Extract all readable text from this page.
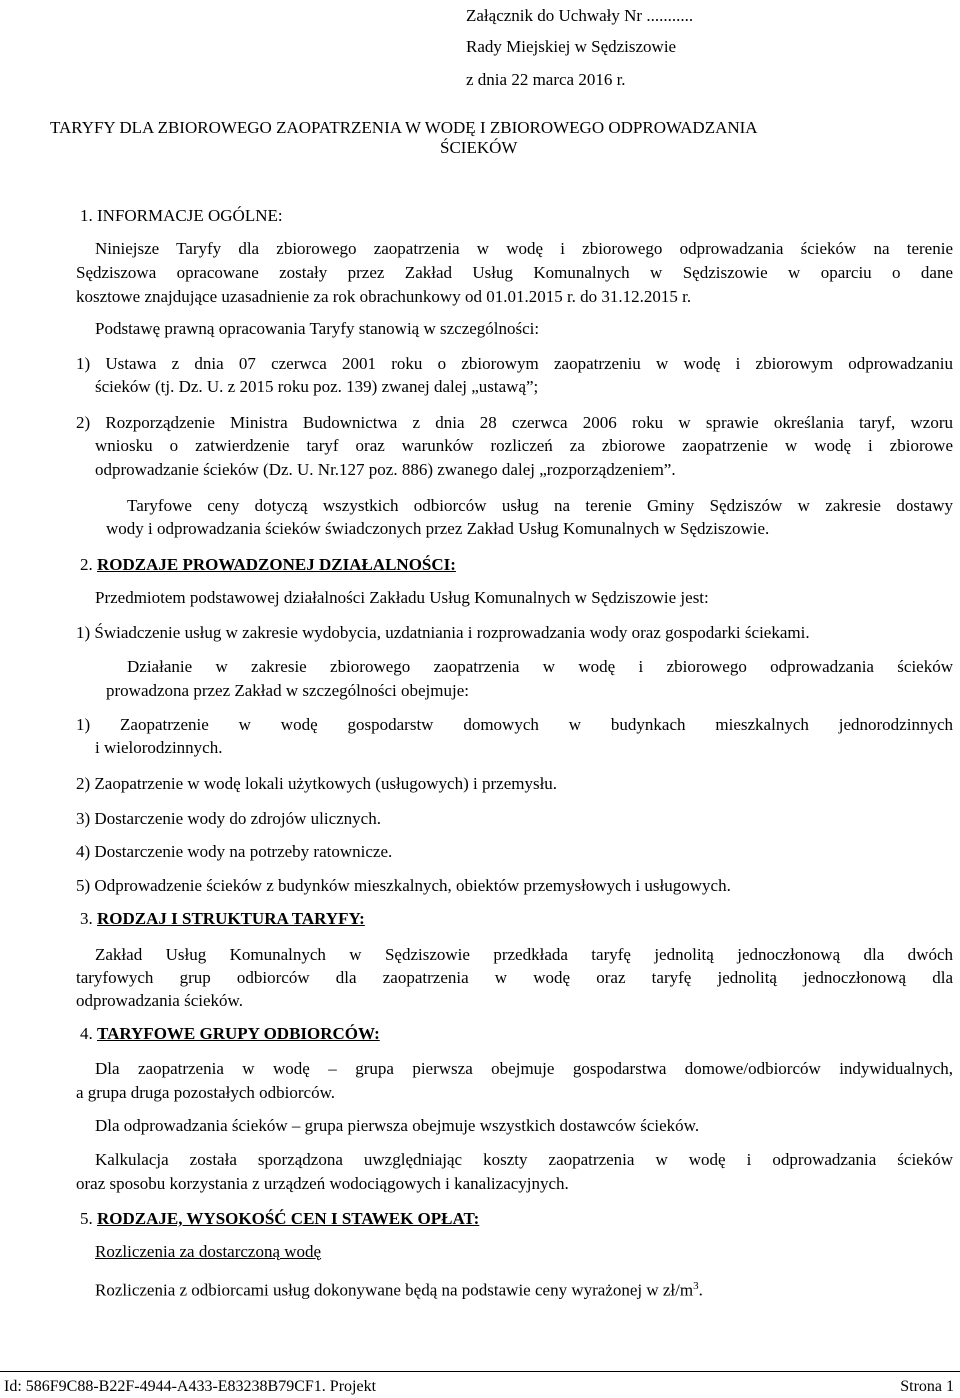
Załącznik do Uchwały Nr ...........
Rady Miejskiej w Sędziszowie
z dnia 22 marca 2016 r.
TARYFY DLA ZBIOROWEGO ZAOPATRZENIA W WODĘ I ZBIOROWEGO ODPROWADZANIA
ŚCIEKÓW
1. INFORMACJE OGÓLNE:
Niniejsze Taryfy dla zbiorowego zaopatrzenia w wodę i zbiorowego odprowadzania ścieków na terenie
Sędziszowa opracowane zostały przez Zakład Usług Komunalnych w Sędziszowie w oparciu o dane
kosztowe znajdujące uzasadnienie za rok obrachunkowy od 01.01.2015 r. do 31.12.2015 r.
Podstawę prawną opracowania Taryfy stanowią w szczególności:
1) Ustawa z dnia 07 czerwca 2001 roku o zbiorowym zaopatrzeniu w wodę i zbiorowym odprowadzaniu
ścieków (tj. Dz. U. z 2015 roku poz. 139) zwanej dalej „ustawą”;
2) Rozporządzenie Ministra Budownictwa z dnia 28 czerwca 2006 roku w sprawie określania taryf, wzoru
wniosku o zatwierdzenie taryf oraz warunków rozliczeń za zbiorowe zaopatrzenie w wodę i zbiorowe
odprowadzanie ścieków (Dz. U. Nr.127 poz. 886) zwanego dalej „rozporządzeniem”.
Taryfowe ceny dotyczą wszystkich odbiorców usług na terenie Gminy Sędziszów w zakresie dostawy
wody i odprowadzania ścieków świadczonych przez Zakład Usług Komunalnych w Sędziszowie.
2. RODZAJE PROWADZONEJ DZIAŁALNOŚCI:
Przedmiotem podstawowej działalności Zakładu Usług Komunalnych w Sędziszowie jest:
1) Świadczenie usług w zakresie wydobycia, uzdatniania i rozprowadzania wody oraz gospodarki ściekami.
Działanie w zakresie zbiorowego zaopatrzenia w wodę i zbiorowego odprowadzania ścieków
prowadzona przez Zakład w szczególności obejmuje:
1) Zaopatrzenie w wodę gospodarstw domowych w budynkach mieszkalnych jednorodzinnych
i wielorodzinnych.
2) Zaopatrzenie w wodę lokali użytkowych (usługowych) i przemysłu.
3) Dostarczenie wody do zdrojów ulicznych.
4) Dostarczenie wody na potrzeby ratownicze.
5) Odprowadzenie ścieków z budynków mieszkalnych, obiektów przemysłowych i usługowych.
3. RODZAJ I STRUKTURA TARYFY:
Zakład Usług Komunalnych w Sędziszowie przedkłada taryfę jednolitą jednoczłonową dla dwóch
taryfowych grup odbiorców dla zaopatrzenia w wodę oraz taryfę jednolitą jednoczłonową dla
odprowadzania ścieków.
4. TARYFOWE GRUPY ODBIORCÓW:
Dla zaopatrzenia w wodę – grupa pierwsza obejmuje gospodarstwa domowe/odbiorców indywidualnych,
a grupa druga pozostałych odbiorców.
Dla odprowadzania ścieków – grupa pierwsza obejmuje wszystkich dostawców ścieków.
Kalkulacja została sporządzona uwzględniając koszty zaopatrzenia w wodę i odprowadzania ścieków
oraz sposobu korzystania z urządzeń wodociągowych i kanalizacyjnych.
5. RODZAJE, WYSOKOŚĆ CEN I STAWEK OPŁAT:
Rozliczenia za dostarczoną wodę
Rozliczenia z odbiorcami usług dokonywane będą na podstawie ceny wyrażonej w $zł/m^3$.
Id: 586F9C88-B22F-4944-A433-E83238B79CF1. Projekt	Strona 1
